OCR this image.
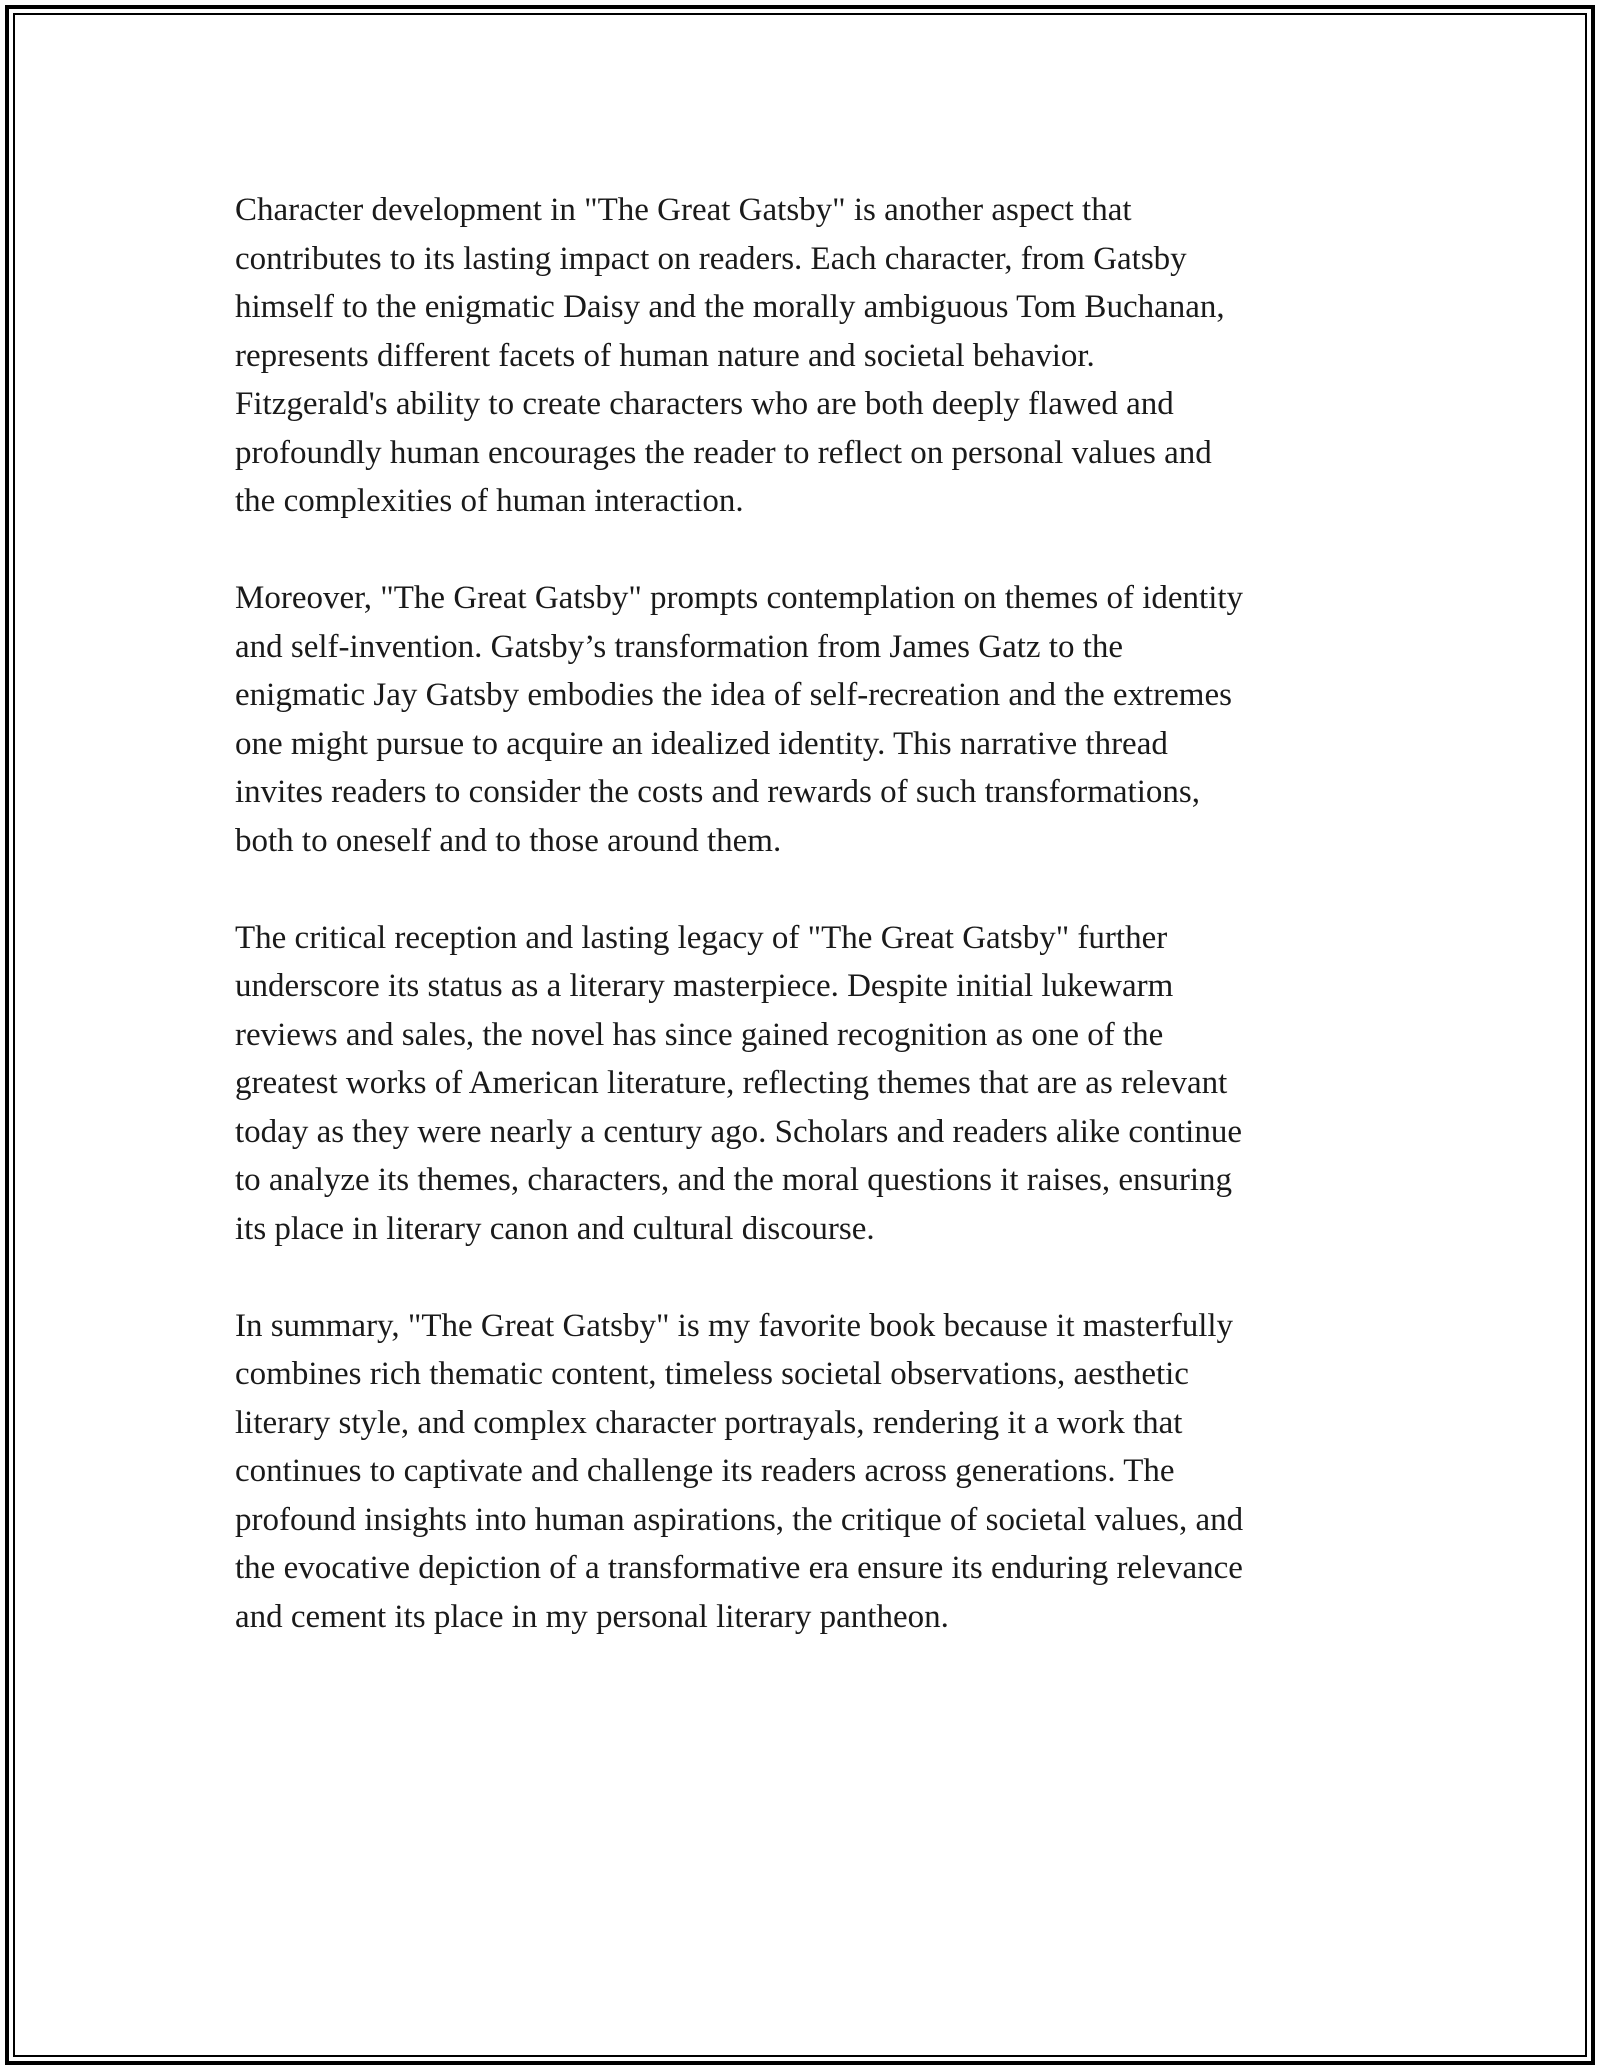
Character development in "The Great Gatsby" is another aspect that
contributes to its lasting impact on readers. Each character, from Gatsby
himself to the enigmatic Daisy and the morally ambiguous Tom Buchanan,
represents different facets of human nature and societal behavior.
Fitzgerald's ability to create characters who are both deeply flawed and
profoundly human encourages the reader to reflect on personal values and
the complexities of human interaction.

Moreover, "The Great Gatsby" prompts contemplation on themes of identity
and self-invention. Gatsby’s transformation from James Gatz to the
enigmatic Jay Gatsby embodies the idea of self-recreation and the extremes
one might pursue to acquire an idealized identity. This narrative thread
invites readers to consider the costs and rewards of such transformations,
both to oneself and to those around them.

The critical reception and lasting legacy of "The Great Gatsby" further
underscore its status as a literary masterpiece. Despite initial lukewarm
reviews and sales, the novel has since gained recognition as one of the
greatest works of American literature, reflecting themes that are as relevant
today as they were nearly a century ago. Scholars and readers alike continue
to analyze its themes, characters, and the moral questions it raises, ensuring
its place in literary canon and cultural discourse.

In summary, "The Great Gatsby" is my favorite book because it masterfully
combines rich thematic content, timeless societal observations, aesthetic
literary style, and complex character portrayals, rendering it a work that
continues to captivate and challenge its readers across generations. The
profound insights into human aspirations, the critique of societal values, and
the evocative depiction of a transformative era ensure its enduring relevance
and cement its place in my personal literary pantheon.
